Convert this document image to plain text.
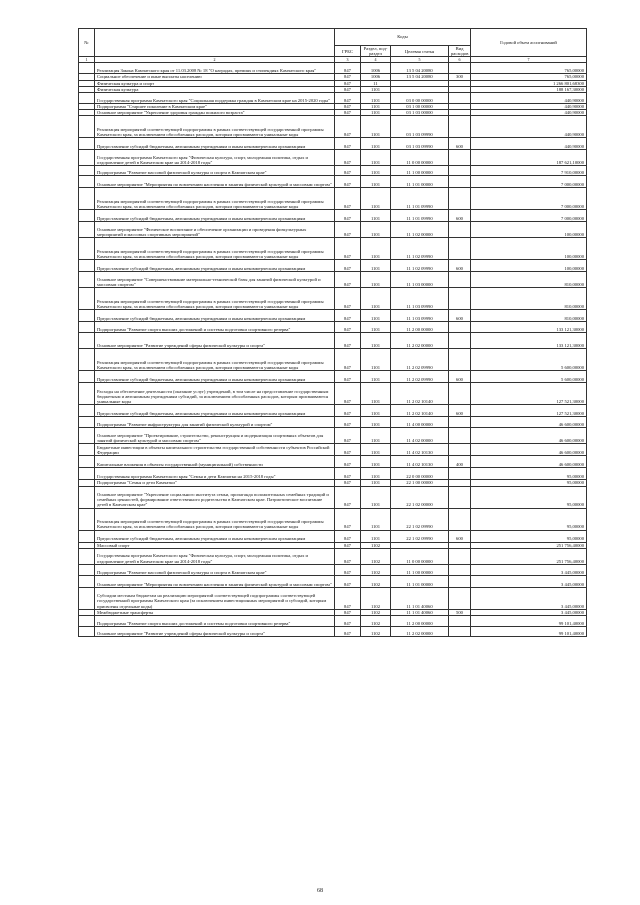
№		Коды				Годовой объем ассигнований
		ГРБС	Раздел, под-раздел	Целевая статья	Вид расходов	
1	2	3	4	5	6	7
	Реализация Закона Камчатского края от 11.03.2008 № 18 "О наградах, премиях и стипендиях Камчатского края"	847	1006	13 5 04 20080		765,00000
	Социальное обеспечение и иные выплаты населению	847	1006	13 5 04 20080	300	765,00000
	Физическая культура и спорт	847	11			1 266 801,68300
	Физическая культура	847	1101			188 167,30000
	Государственная программа Камчатского края "Социальная поддержка граждан в Камчатском крае на 2015-2020 годы"	847	1101	03 0 00 00000		440,90000
	Подпрограмма "Старшее поколение в Камчатском крае"	847	1101	03 1 00 00000		440,90000
	Основное мероприятие "Укрепление здоровья граждан пожилого возраста"	847	1101	03 1 03 00000		440,90000
	Реализация мероприятий соответствующей подпрограммы в рамках соответствующей государственной программы Камчатского края, за исключением обособленных расходов, которым присваиваются уникальные коды	847	1101	03 1 03 09990		440,90000
	Предоставление субсидий бюджетным, автономным учреждениям и иным некоммерческим организациям	847	1101	03 1 03 09990	600	440,90000
	Государственная программа Камчатского края "Физическая культура, спорт, молодежная политика, отдых и оздоровление детей в Камчатском крае на 2014-2018 годы"	847	1101	11 0 00 00000		187 621,10000
	Подпрограмма "Развитие массовой физической культуры и спорта в Камчатском крае"	847	1101	11 1 00 00000		7 910,00000
	Основное мероприятие "Мероприятия по вовлечению населения в занятия физической культурой и массовым спортом"	847	1101	11 1 01 00000		7 000,00000
	Реализация мероприятий соответствующей подпрограммы в рамках соответствующей государственной программы Камчатского края, за исключением обособленных расходов, которым присваиваются уникальные коды	847	1101	11 1 01 09990		7 000,00000
	Предоставление субсидий бюджетным, автономным учреждениям и иным некоммерческим организациям	847	1101	11 1 01 09990	600	7 000,00000
	Основное мероприятие "Физическое воспитание и обеспечение организации и проведения физкультурных мероприятий и массовых спортивных мероприятий"	847	1101	11 1 02 00000		100,00000
	Реализация мероприятий соответствующей подпрограммы в рамках соответствующей государственной программы Камчатского края, за исключением обособленных расходов, которым присваиваются уникальные коды	847	1101	11 1 02 09990		100,00000
	Предоставление субсидий бюджетным, автономным учреждениям и иным некоммерческим организациям	847	1101	11 1 02 09990	600	100,00000
	Основное мероприятие "Совершенствование материально-технической базы для занятий физической культурой и массовым спортом"	847	1101	11 1 03 00000		810,00000
	Реализация мероприятий соответствующей подпрограммы в рамках соответствующей государственной программы Камчатского края, за исключением обособленных расходов, которым присваиваются уникальные коды	847	1101	11 1 03 09990		810,00000
	Предоставление субсидий бюджетным, автономным учреждениям и иным некоммерческим организациям	847	1101	11 1 03 09990	600	810,00000
	Подпрограмма "Развитие спорта высших достижений и системы подготовки спортивного резерва"	847	1101	11 2 00 00000		133 121,30000
	Основное мероприятие "Развитие учреждений сферы физической культуры и спорта"	847	1101	11 2 02 00000		133 121,30000
	Реализация мероприятий соответствующей подпрограммы в рамках соответствующей государственной программы Камчатского края, за исключением обособленных расходов, которым присваиваются уникальные коды	847	1101	11 2 02 09990		5 600,00000
	Предоставление субсидий бюджетным, автономным учреждениям и иным некоммерческим организациям	847	1101	11 2 02 09990	600	5 600,00000
	Расходы на обеспечение деятельности (оказание услуг) учреждений, в том числе на предоставление государственным бюджетным и автономным учреждениям субсидий, за исключением обособленных расходов, которым присваиваются уникальные коды	847	1101	11 2 02 10140		127 521,30000
	Предоставление субсидий бюджетным, автономным учреждениям и иным некоммерческим организациям	847	1101	11 2 02 10140	600	127 521,30000
	Подпрограмма "Развитие инфраструктуры для занятий физической культурой и спортом"	847	1101	11 4 00 00000		46 600,00000
	Основное мероприятие "Проектирование, строительство, реконструкция и модернизация спортивных объектов для занятий физической культурой и массовым спортом"	847	1101	11 4 02 00000		46 600,00000
	Бюджетные инвестиции в объекты капитального строительства государственной собственности субъектов Российской Федерации	847	1101	11 4 02 10130		46 600,00000
	Капитальные вложения в объекты государственной (муниципальной) собственности	847	1101	11 4 02 10130	400	46 600,00000
	Государственная программа Камчатского края "Семья и дети Камчатки на 2015-2018 годы"	847	1101	22 0 00 00000		95,00000
	Подпрограмма "Семья и дети Камчатки"	847	1101	22 1 00 00000		95,00000
	Основное мероприятие "Укрепление социального института семьи, пропаганда положительных семейных традиций и семейных ценностей, формирование ответственного родительства в Камчатском крае. Патриотическое воспитание детей в Камчатском крае"	847	1101	22 1 02 00000		95,00000
	Реализация мероприятий соответствующей подпрограммы в рамках соответствующей государственной программы Камчатского края, за исключением обособленных расходов, которым присваиваются уникальные коды	847	1101	22 1 02 09990		95,00000
	Предоставление субсидий бюджетным, автономным учреждениям и иным некоммерческим организациям	847	1101	22 1 02 09990	600	95,00000
	Массовый спорт	847	1102			251 756,40000
	Государственная программа Камчатского края "Физическая культура, спорт, молодежная политика, отдых и оздоровление детей в Камчатском крае на 2014-2018 годы"	847	1102	11 0 00 00000		251 756,40000
	Подпрограмма "Развитие массовой физической культуры и спорта в Камчатском крае"	847	1102	11 1 00 00000		3 445,00000
	Основное мероприятие "Мероприятия по вовлечению населения в занятия физической культурой и массовым спортом"	847	1102	11 1 01 00000		3 445,00000
	Субсидии местным бюджетам на реализацию мероприятий соответствующей подпрограммы соответствующей государственной программы Камчатского края (за исключением инвестиционных мероприятий и субсидий, которым присвоены отдельные коды)	847	1102	11 1 01 40060		3 445,00000
	Межбюджетные трансферты	847	1102	11 1 01 40060	500	3 445,00000
	Подпрограмма "Развитие спорта высших достижений и системы подготовки спортивного резерва"	847	1102	11 2 00 00000		99 101,40000
	Основное мероприятие "Развитие учреждений сферы физической культуры и спорта"	847	1102	11 2 02 00000		99 101,40000
68
